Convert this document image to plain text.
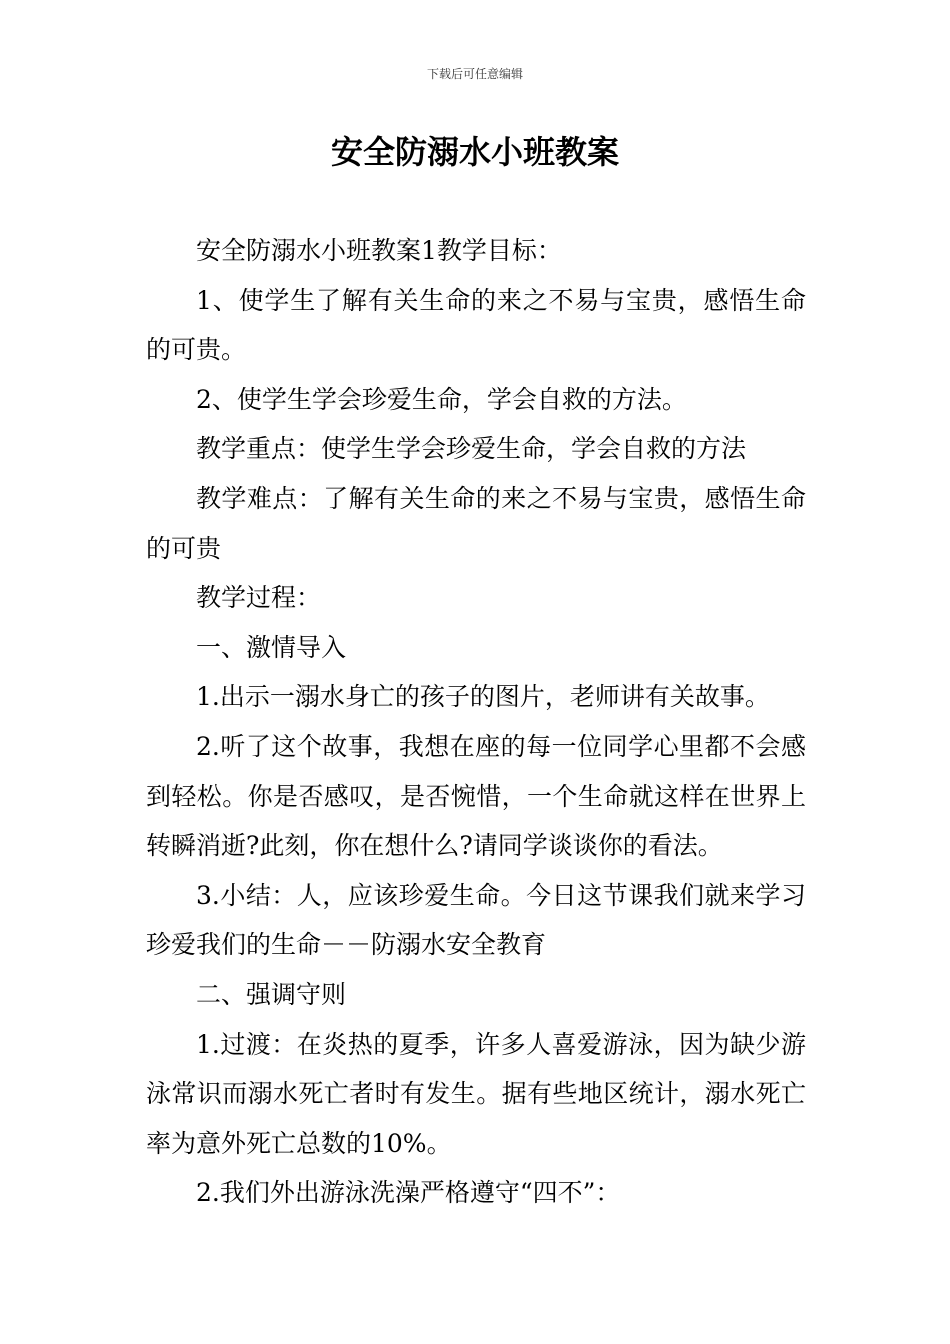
下载后可任意编辑
安全防溺水小班教案

安全防溺水小班教案1教学目标：

1、使学生了解有关生命的来之不易与宝贵，感悟生命的可贵。

2、使学生学会珍爱生命，学会自救的方法。

教学重点：使学生学会珍爱生命，学会自救的方法

教学难点：了解有关生命的来之不易与宝贵，感悟生命的可贵

教学过程：

一、激情导入

1.出示一溺水身亡的孩子的图片，老师讲有关故事。

2.听了这个故事，我想在座的每一位同学心里都不会感到轻松。你是否感叹，是否惋惜，一个生命就这样在世界上转瞬消逝?此刻，你在想什么?请同学谈谈你的看法。

3.小结：人，应该珍爱生命。今日这节课我们就来学习珍爱我们的生命－－防溺水安全教育

二、强调守则

1.过渡：在炎热的夏季，许多人喜爱游泳，因为缺少游泳常识而溺水死亡者时有发生。据有些地区统计，溺水死亡率为意外死亡总数的10%。

2.我们外出游泳洗澡严格遵守“四不”：
